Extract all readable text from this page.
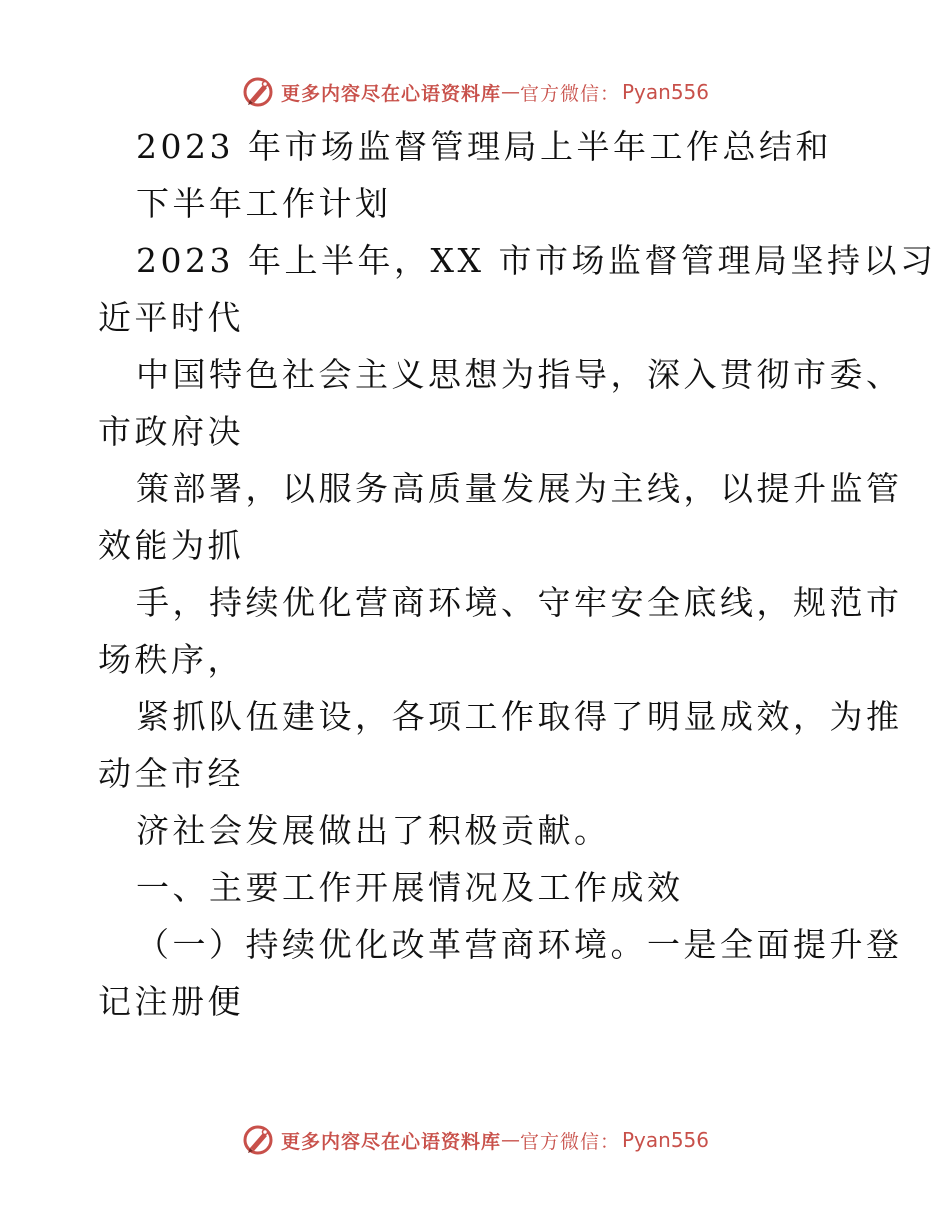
更多内容尽在心语资料库 — 官方微信： Pyan556
2023 年市场监督管理局上半年工作总结和
下半年工作计划
2023 年上半年，XX 市市场监督管理局坚持以习
近平时代
中国特色社会主义思想为指导，深入贯彻市委、
市政府决
策部署，以服务高质量发展为主线，以提升监管
效能为抓
手，持续优化营商环境、守牢安全底线，规范市
场秩序，
紧抓队伍建设，各项工作取得了明显成效，为推
动全市经
济社会发展做出了积极贡献。
一、主要工作开展情况及工作成效
（一）持续优化改革营商环境。一是全面提升登
记注册便
更多内容尽在心语资料库 — 官方微信： Pyan556
